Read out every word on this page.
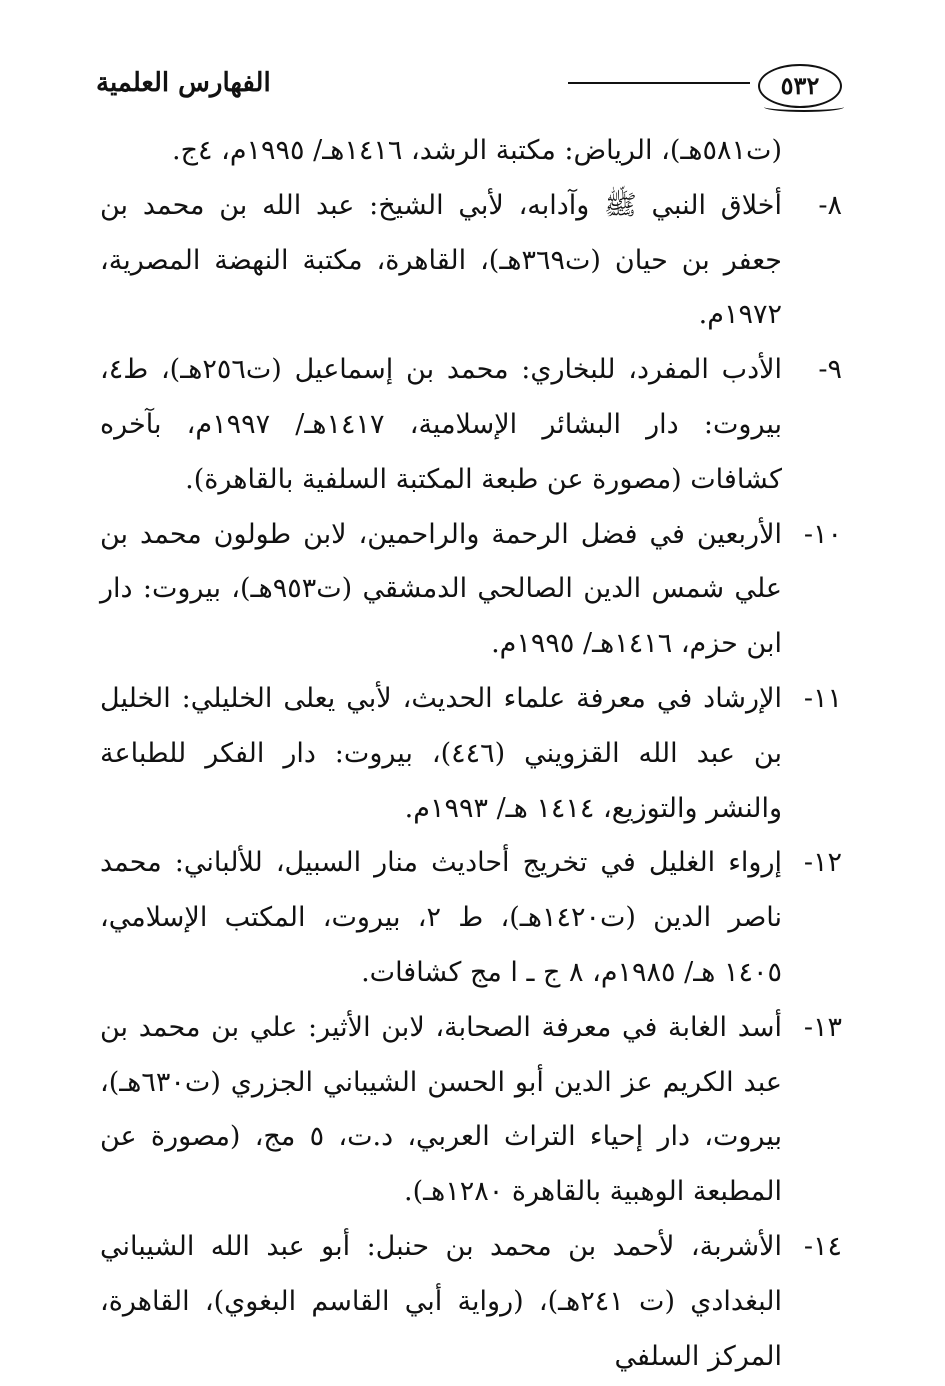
٥٣٢
الفهارس العلمية

(ت٥٨١هـ)، الرياض: مكتبة الرشد، ١٤١٦هـ/ ١٩٩٥م، ٤ج.

٨-أخلاق النبي ﷺ وآدابه، لأبي الشيخ: عبد الله بن محمد بن جعفر بن حيان (ت٣٦٩هـ)، القاهرة، مكتبة النهضة المصرية، ١٩٧٢م.

٩-الأدب المفرد، للبخاري: محمد بن إسماعيل (ت٢٥٦هـ)، ط٤، بيروت: دار البشائر الإسلامية، ١٤١٧هـ/ ١٩٩٧م، بآخره كشافات (مصورة عن طبعة المكتبة السلفية بالقاهرة).

١٠-الأربعين في فضل الرحمة والراحمين، لابن طولون محمد بن علي شمس الدين الصالحي الدمشقي (ت٩٥٣هـ)، بيروت: دار ابن حزم، ١٤١٦هـ/ ١٩٩٥م.

١١-الإرشاد في معرفة علماء الحديث، لأبي يعلى الخليلي: الخليل بن عبد الله القزويني (٤٤٦)، بيروت: دار الفكر للطباعة والنشر والتوزيع، ١٤١٤ هـ/ ١٩٩٣م.

١٢-إرواء الغليل في تخريج أحاديث منار السبيل، للألباني: محمد ناصر الدين (ت١٤٢٠هـ)، ط ٢، بيروت، المكتب الإسلامي، ١٤٠٥ هـ/ ١٩٨٥م، ٨ ج ـ ا مج كشافات.

١٣-أسد الغابة في معرفة الصحابة، لابن الأثير: علي بن محمد بن عبد الكريم عز الدين أبو الحسن الشيباني الجزري (ت٦٣٠هـ)، بيروت، دار إحياء التراث العربي، د.ت، ٥ مج، (مصورة عن المطبعة الوهبية بالقاهرة ١٢٨٠هـ).

١٤-الأشربة، لأحمد بن محمد بن حنبل: أبو عبد الله الشيباني البغدادي (ت ٢٤١هـ)، (رواية أبي القاسم البغوي)، القاهرة، المركز السلفي
